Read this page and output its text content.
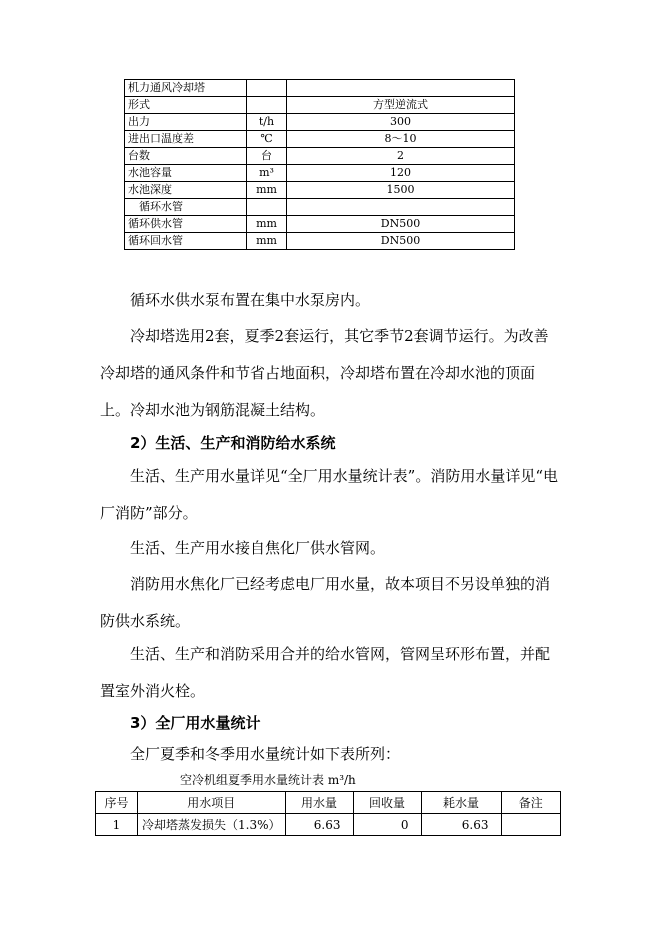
机力通风冷却塔		
形式		方型逆流式
出力	t/h	300
进出口温度差	℃	8～10
台数	台	2
水池容量	m³	120
水池深度	mm	1500
循环水管		
循环供水管	mm	DN500
循环回水管	mm	DN500

循环水供水泵布置在集中水泵房内。

冷却塔选用2套，夏季2套运行，其它季节2套调节运行。为改善冷却塔的通风条件和节省占地面积，冷却塔布置在冷却水池的顶面上。冷却水池为钢筋混凝土结构。

2）生活、生产和消防给水系统

生活、生产用水量详见“全厂用水量统计表”。消防用水量详见“电厂消防”部分。

生活、生产用水接自焦化厂供水管网。

消防用水焦化厂已经考虑电厂用水量，故本项目不另设单独的消防供水系统。

生活、生产和消防采用合并的给水管网，管网呈环形布置，并配置室外消火栓。

3）全厂用水量统计

全厂夏季和冬季用水量统计如下表所列：

空冷机组夏季用水量统计表 m³/h
序号	用水项目	用水量	回收量	耗水量	备注
1	冷却塔蒸发损失（1.3%）	6.63	0	6.63	
